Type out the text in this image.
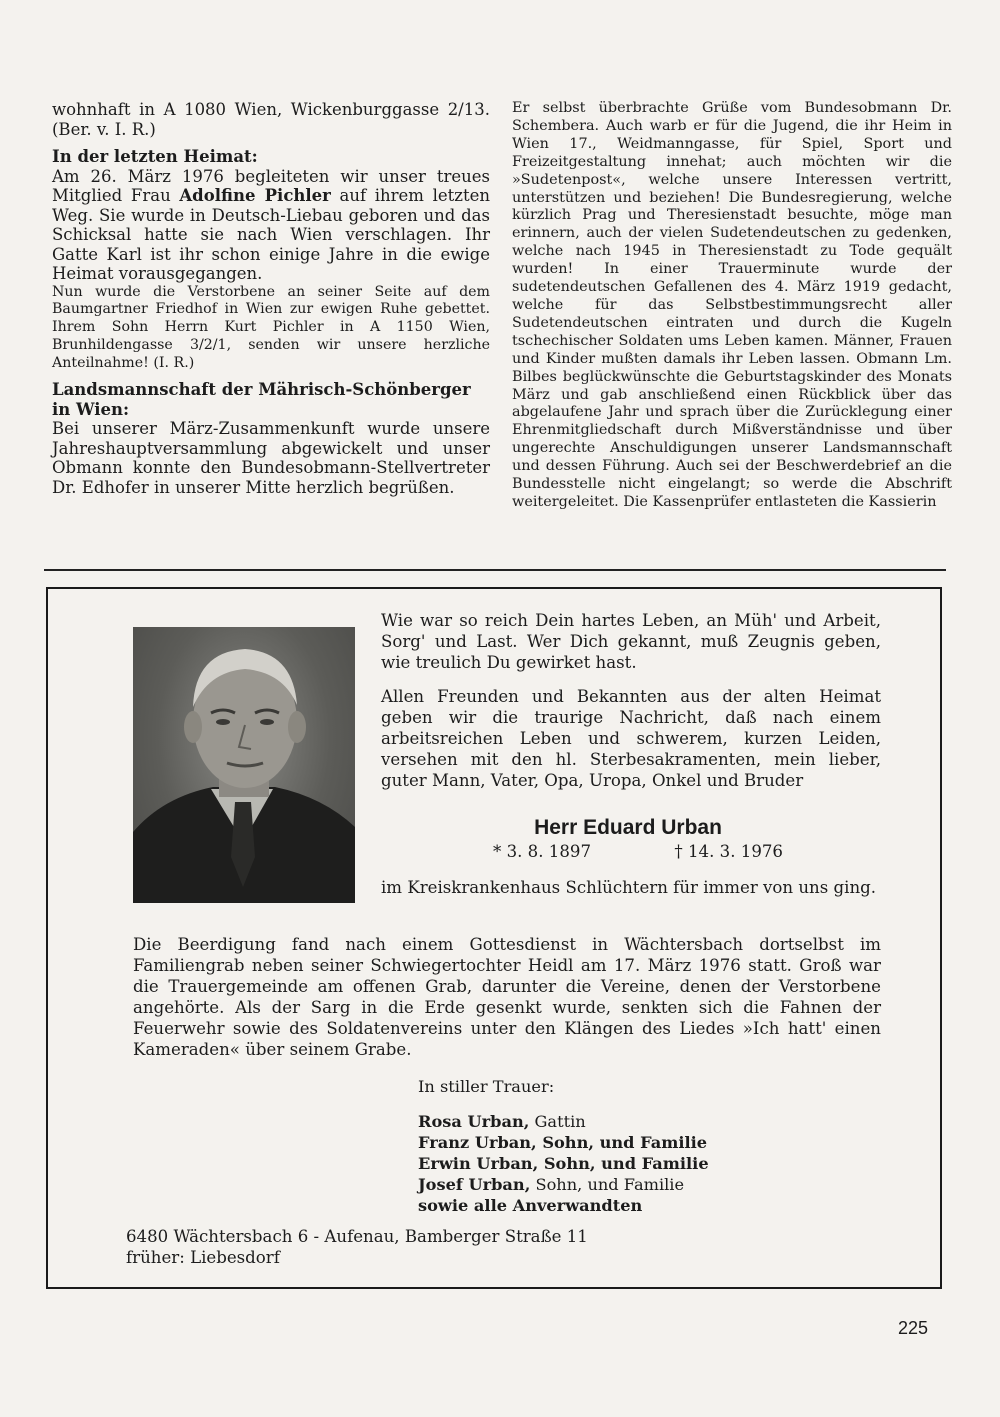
wohnhaft in A 1080 Wien, Wickenburggasse 2/13. (Ber. v. I. R.)

In der letzten Heimat:

Am 26. März 1976 begleiteten wir unser treues Mitglied Frau Adolfine Pichler auf ihrem letzten Weg. Sie wurde in Deutsch-Liebau geboren und das Schicksal hatte sie nach Wien verschlagen. Ihr Gatte Karl ist ihr schon einige Jahre in die ewige Heimat vorausgegangen.

Nun wurde die Verstorbene an seiner Seite auf dem Baumgartner Friedhof in Wien zur ewigen Ruhe gebettet. Ihrem Sohn Herrn Kurt Pichler in A 1150 Wien, Brunhildengasse 3/2/1, senden wir unsere herzliche Anteilnahme! (I. R.)

Landsmannschaft der Mährisch-Schönberger in Wien:

Bei unserer März-Zusammenkunft wurde unsere Jahreshauptversammlung abgewickelt und unser Obmann konnte den Bundesobmann-Stellvertreter Dr. Edhofer in unserer Mitte herzlich begrüßen.

Er selbst überbrachte Grüße vom Bundesobmann Dr. Schembera. Auch warb er für die Jugend, die ihr Heim in Wien 17., Weidmanngasse, für Spiel, Sport und Freizeitgestaltung innehat; auch möchten wir die »Sudetenpost«, welche unsere Interessen vertritt, unterstützen und beziehen! Die Bundesregierung, welche kürzlich Prag und Theresienstadt besuchte, möge man erinnern, auch der vielen Sudetendeutschen zu gedenken, welche nach 1945 in Theresienstadt zu Tode gequält wurden! In einer Trauerminute wurde der sudetendeutschen Gefallenen des 4. März 1919 gedacht, welche für das Selbstbestimmungsrecht aller Sudetendeutschen eintraten und durch die Kugeln tschechischer Soldaten ums Leben kamen. Männer, Frauen und Kinder mußten damals ihr Leben lassen. Obmann Lm. Bilbes beglückwünschte die Geburtstagskinder des Monats März und gab anschließend einen Rückblick über das abgelaufene Jahr und sprach über die Zurücklegung einer Ehrenmitgliedschaft durch Mißverständnisse und über ungerechte Anschuldigungen unserer Landsmannschaft und dessen Führung. Auch sei der Beschwerdebrief an die Bundesstelle nicht eingelangt; so werde die Abschrift weitergeleitet. Die Kassenprüfer entlasteten die Kassierin

Wie war so reich Dein hartes Leben, an Müh' und Arbeit, Sorg' und Last. Wer Dich gekannt, muß Zeugnis geben, wie treulich Du gewirket hast.

Allen Freunden und Bekannten aus der alten Heimat geben wir die traurige Nachricht, daß nach einem arbeitsreichen Leben und schwerem, kurzen Leiden, versehen mit den hl. Sterbesakramenten, mein lieber, guter Mann, Vater, Opa, Uropa, Onkel und Bruder

Herr Eduard Urban
* 3. 8. 1897	† 14. 3. 1976

im Kreiskrankenhaus Schlüchtern für immer von uns ging.

Die Beerdigung fand nach einem Gottesdienst in Wächtersbach dortselbst im Familiengrab neben seiner Schwiegertochter Heidl am 17. März 1976 statt. Groß war die Trauergemeinde am offenen Grab, darunter die Vereine, denen der Verstorbene angehörte. Als der Sarg in die Erde gesenkt wurde, senkten sich die Fahnen der Feuerwehr sowie des Soldatenvereins unter den Klängen des Liedes »Ich hatt' einen Kameraden« über seinem Grabe.

In stiller Trauer:
Rosa Urban, Gattin
Franz Urban, Sohn, und Familie
Erwin Urban, Sohn, und Familie
Josef Urban, Sohn, und Familie
sowie alle Anverwandten
6480 Wächtersbach 6 - Aufenau, Bamberger Straße 11
früher: Liebesdorf
225
